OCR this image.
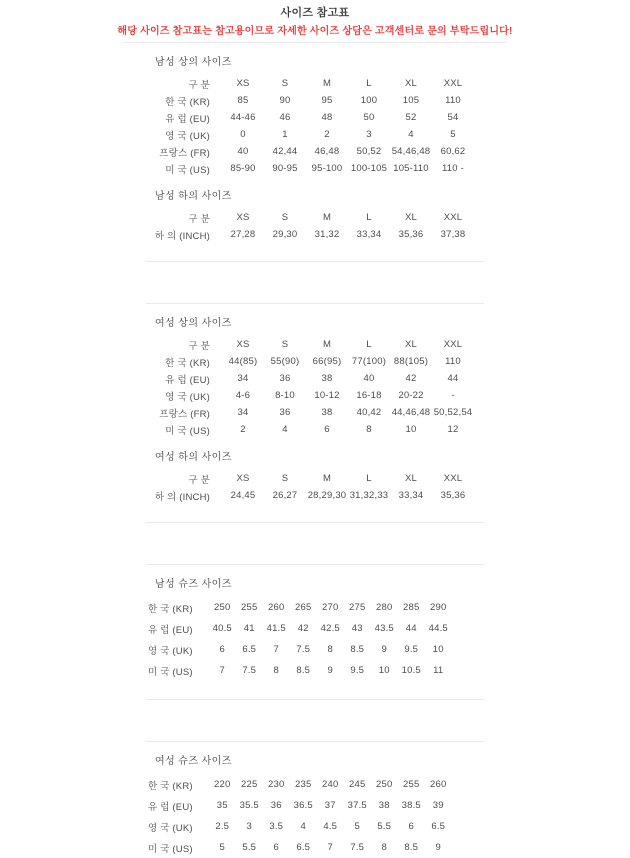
사이즈 참고표
해당 사이즈 참고표는 참고용이므로 자세한 사이즈 상담은 고객센터로 문의 부탁드립니다!
남성 상의 사이즈
구 분	XS	S	M	L	XL	XXL
한 국 (KR)	85	90	95	100	105	110
유 럽 (EU)	44-46	46	48	50	52	54
영 국 (UK)	0	1	2	3	4	5
프랑스 (FR)	40	42,44	46,48	50,52	54,46,48	60,62
미 국 (US)	85-90	90-95	95-100	100-105	105-110	110 -
남성 하의 사이즈
구 분	XS	S	M	L	XL	XXL
하 의 (INCH)	27,28	29,30	31,32	33,34	35,36	37,38
여성 상의 사이즈
구 분	XS	S	M	L	XL	XXL
한 국 (KR)	44(85)	55(90)	66(95)	77(100)	88(105)	110
유 럽 (EU)	34	36	38	40	42	44
영 국 (UK)	4-6	8-10	10-12	16-18	20-22	-
프랑스 (FR)	34	36	38	40,42	44,46,48	50,52,54
미 국 (US)	2	4	6	8	10	12
여성 하의 사이즈
구 분	XS	S	M	L	XL	XXL
하 의 (INCH)	24,45	26,27	28,29,30	31,32,33	33,34	35,36
남성 슈즈 사이즈
한 국 (KR)	250	255	260	265	270	275	280	285	290
유 럽 (EU)	40.5	41	41.5	42	42.5	43	43.5	44	44.5
영 국 (UK)	6	6.5	7	7.5	8	8.5	9	9.5	10
미 국 (US)	7	7.5	8	8.5	9	9.5	10	10.5	11
여성 슈즈 사이즈
한 국 (KR)	220	225	230	235	240	245	250	255	260
유 럽 (EU)	35	35.5	36	36.5	37	37.5	38	38.5	39
영 국 (UK)	2.5	3	3.5	4	4.5	5	5.5	6	6.5
미 국 (US)	5	5.5	6	6.5	7	7.5	8	8.5	9
